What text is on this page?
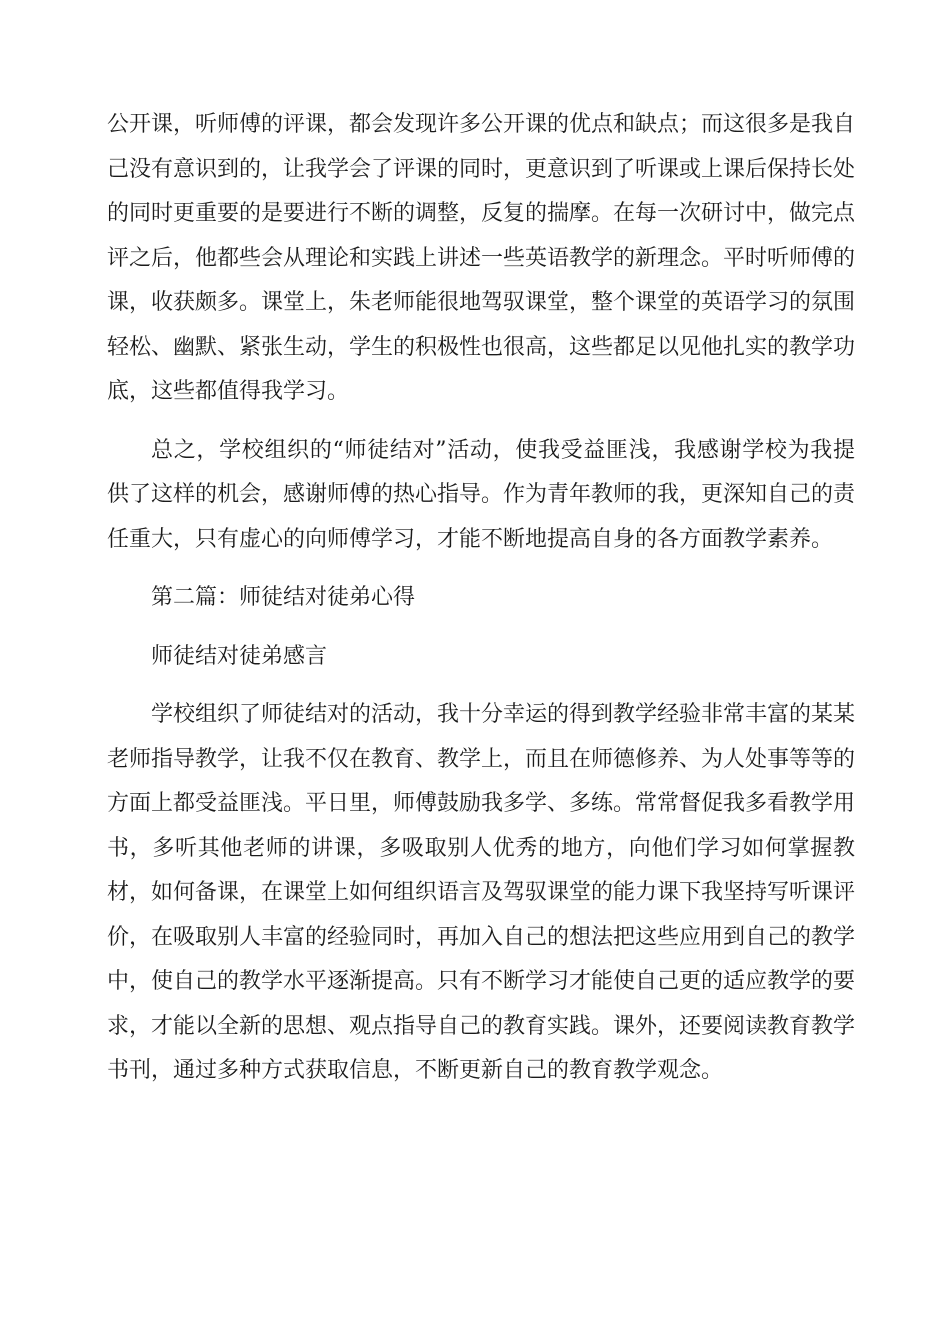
公开课，听师傅的评课，都会发现许多公开课的优点和缺点；而这很多是我自己没有意识到的，让我学会了评课的同时，更意识到了听课或上课后保持长处的同时更重要的是要进行不断的调整，反复的揣摩。在每一次研讨中，做完点评之后，他都些会从理论和实践上讲述一些英语教学的新理念。平时听师傅的课，收获颇多。课堂上，朱老师能很地驾驭课堂，整个课堂的英语学习的氛围轻松、幽默、紧张生动，学生的积极性也很高，这些都足以见他扎实的教学功底，这些都值得我学习。

总之，学校组织的“师徒结对”活动，使我受益匪浅，我感谢学校为我提供了这样的机会，感谢师傅的热心指导。作为青年教师的我，更深知自己的责任重大，只有虚心的向师傅学习，才能不断地提高自身的各方面教学素养。

第二篇：师徒结对徒弟心得

师徒结对徒弟感言

学校组织了师徒结对的活动，我十分幸运的得到教学经验非常丰富的某某老师指导教学，让我不仅在教育、教学上，而且在师德修养、为人处事等等的方面上都受益匪浅。平日里，师傅鼓励我多学、多练。常常督促我多看教学用书，多听其他老师的讲课，多吸取别人优秀的地方，向他们学习如何掌握教材，如何备课，在课堂上如何组织语言及驾驭课堂的能力课下我坚持写听课评价，在吸取别人丰富的经验同时，再加入自己的想法把这些应用到自己的教学中，使自己的教学水平逐渐提高。只有不断学习才能使自己更的适应教学的要求，才能以全新的思想、观点指导自己的教育实践。课外，还要阅读教育教学书刊，通过多种方式获取信息，不断更新自己的教育教学观念。
